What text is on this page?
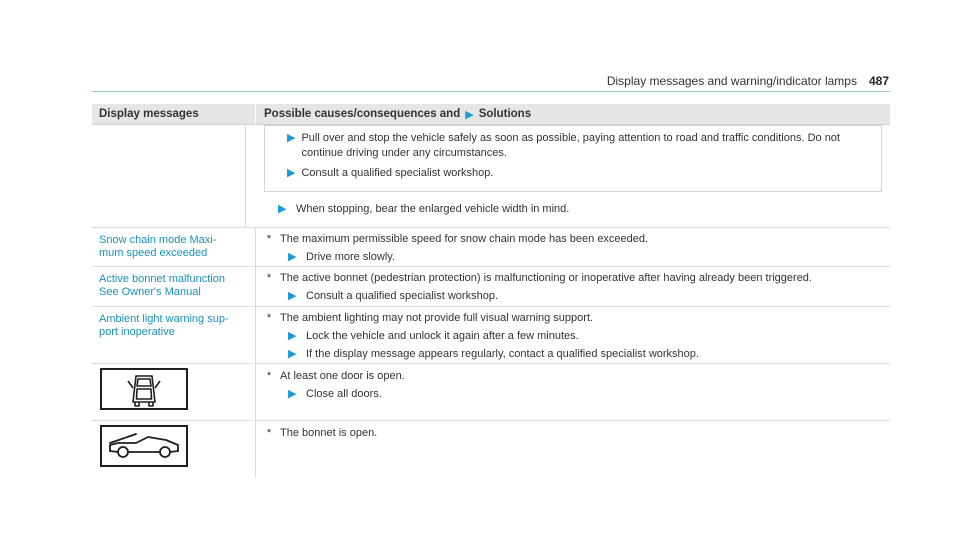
Display messages and warning/indicator lamps 487
Display messages	Possible causes/consequences and ▶ Solutions
▶ Pull over and stop the vehicle safely as soon as possible, paying attention to road and traffic conditions. Do not continue driving under any circumstances.
▶ Consult a qualified specialist workshop.
▶ When stopping, bear the enlarged vehicle width in mind.
Snow chain mode Maxi-
mum speed exceeded
* The maximum permissible speed for snow chain mode has been exceeded.
▶ Drive more slowly.
Active bonnet malfunction
See Owner's Manual
* The active bonnet (pedestrian protection) is malfunctioning or inoperative after having already been triggered.
▶ Consult a qualified specialist workshop.
Ambient light warning sup-
port inoperative
* The ambient lighting may not provide full visual warning support.
▶ Lock the vehicle and unlock it again after a few minutes.
▶ If the display message appears regularly, contact a qualified specialist workshop.
* At least one door is open.
▶ Close all doors.
* The bonnet is open.
